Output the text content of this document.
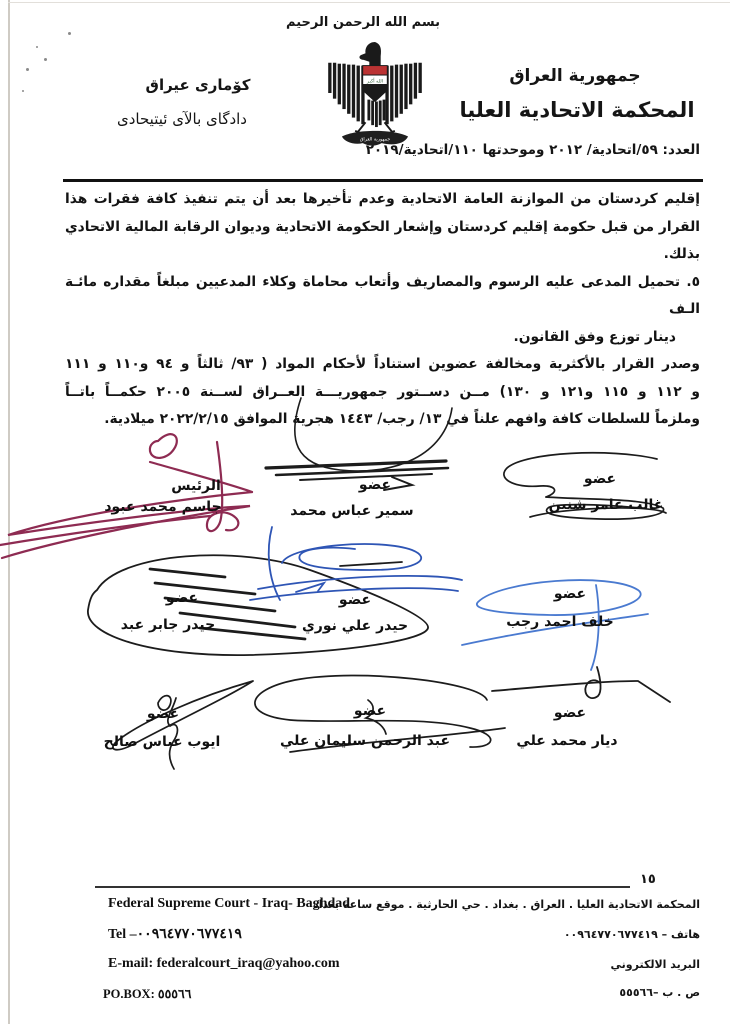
بسم الله الرحمن الرحيم
جمهورية العراق
المحكمة الاتحادية العليا
كۆمارى عيراق
دادگاى بالآى ئيتيحادى
الله أكبر
جمهورية العراق
العدد: ٥٩/اتحادية/ ٢٠١٢ وموحدتها ١١٠/اتحادية/٢٠١٩
إقليم كردستان من الموازنة العامة الاتحادية وعدم تأخيرها بعد أن يتم تنفيذ كافة فقرات هذا
القرار من قبل حكومة إقليم كردستان وإشعار الحكومة الاتحادية وديوان الرقابة المالية الاتحادي
بذلك.
٥. تحميل المدعى عليه الرسوم والمصاريف وأتعاب محاماة وكلاء المدعيين مبلغاً مقداره مائـة الـف
دينار توزع وفق القانون.
وصدر القرار بالأكثرية ومخالفة عضوين استناداً لأحكام المواد ( ٩٣/ ثالثاً و ٩٤ و١١٠ و ١١١
و ١١٢ و ١١٥ و١٢١ و ١٣٠) مــن دســتور جمهوريـــة العــراق لســنة ٢٠٠٥ حكمــاً باتــاً
وملزماً للسلطات كافة وافهم علناً في ١٣/ رجب/ ١٤٤٣ هجرية الموافق ٢٠٢٢/٢/١٥ ميلادية.
الرئيس
جاسم محمد عبود
عضو
سمير عباس محمد
عضو
غالب عامر شنين
عضو
حيدر جابر عبد
عضو
حيدر علي نوري
عضو
خلف احمد رجب
عضو
ايوب عباس صالح
عضو
عبد الرحمن سليمان علي
عضو
ديار محمد علي
١٥
المحكمة الاتحادية العليا . العراق . بغداد . حي الحارثية . موقع ساعة بغداد
هاتف – ٠٠٩٦٤٧٧٠٦٧٧٤١٩
البريد الالكتروني
ص . ب –٥٥٥٦٦
Federal Supreme Court - Iraq- Baghdad
Tel –٠٠٩٦٤٧٧٠٦٧٧٤١٩
E-mail: federalcourt_iraq@yahoo.com
PO.BOX: ٥٥٥٦٦
